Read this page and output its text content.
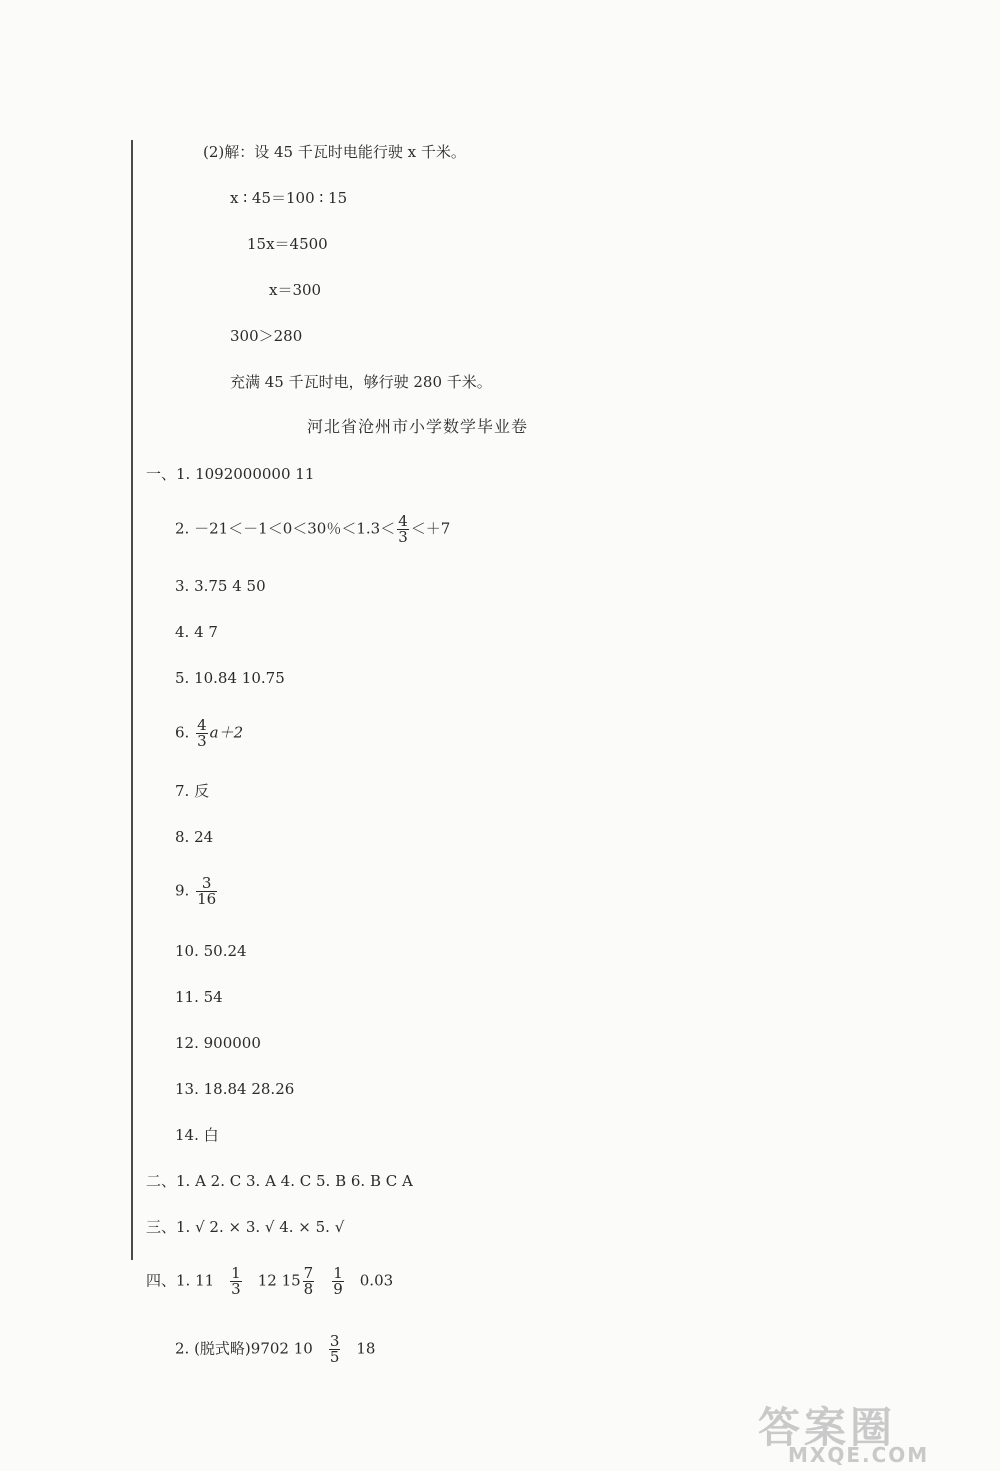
(2)解：设 45 千瓦时电能行驶 x 千米。
x ∶ 45＝100 ∶ 15
15x＝4500
x＝300
300＞280
充满 45 千瓦时电，够行驶 280 千米。
河北省沧州市小学数学毕业卷
一、1. 1092000000 11
2. －21＜－1＜0＜30％$<1.3< \frac{4}{3} <+7$
3. 3.75 4 50
4. 4 7
5. 10.84 10.75
6. $\frac{4}{3} a+2$
7. 反
8. 24
9. $\frac{3}{16}$
10. 50.24
11. 54
12. 900000
13. 18.84 28.26
14. 白
二、1. A 2. C 3. A 4. C 5. B 6. B C A
三、1. √ 2. × 3. √ 4. × 5. √
四、1. $11 \frac{1}{3} 12$ $15 \frac{7}{8} \frac{1}{9} 0.03$
2. (脱式略)9702 $10 \frac{3}{5} 18$
答案圈
MXQE.COM
